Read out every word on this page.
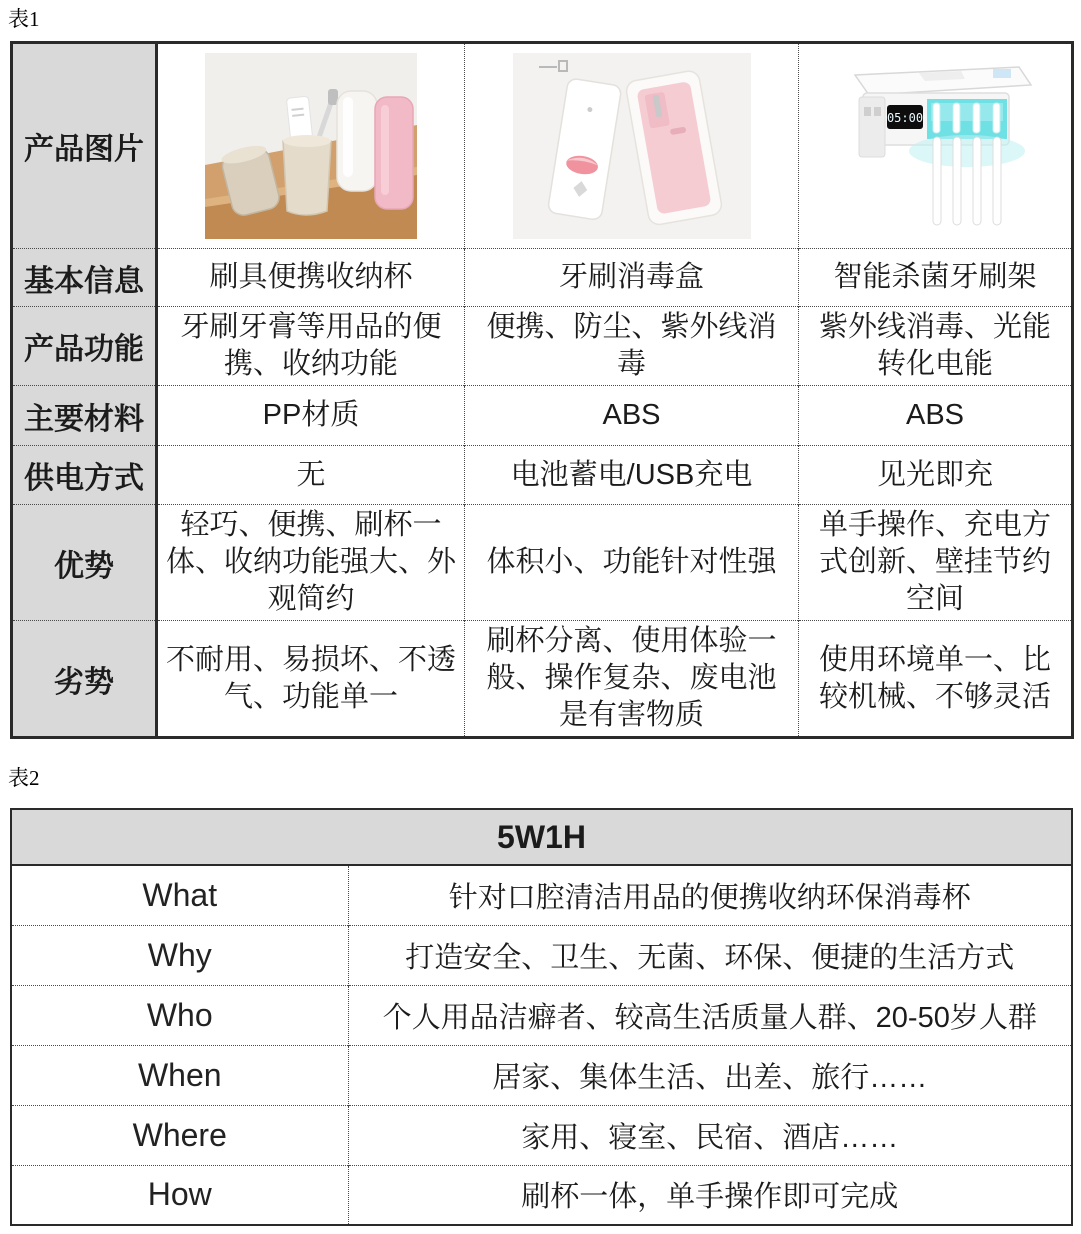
表1
产品图片			05:00

基本信息	刷具便携收纳杯	牙刷消毒盒	智能杀菌牙刷架
产品功能	牙刷牙膏等用品的便携、收纳功能	便携、防尘、紫外线消毒	紫外线消毒、光能转化电能
主要材料	PP材质	ABS	ABS
供电方式	无	电池蓄电/USB充电	见光即充
优势	轻巧、便携、刷杯一体、收纳功能强大、外观简约	体积小、功能针对性强	单手操作、充电方式创新、壁挂节约空间
劣势	不耐用、易损坏、不透气、功能单一	刷杯分离、使用体验一般、操作复杂、废电池是有害物质	使用环境单一、比较机械、不够灵活
表2
5W1H	
What	针对口腔清洁用品的便携收纳环保消毒杯
Why	打造安全、卫生、无菌、环保、便捷的生活方式
Who	个人用品洁癖者、较高生活质量人群、20-50岁人群
When	居家、集体生活、出差、旅行……
Where	家用、寝室、民宿、酒店……
How	刷杯一体，单手操作即可完成
